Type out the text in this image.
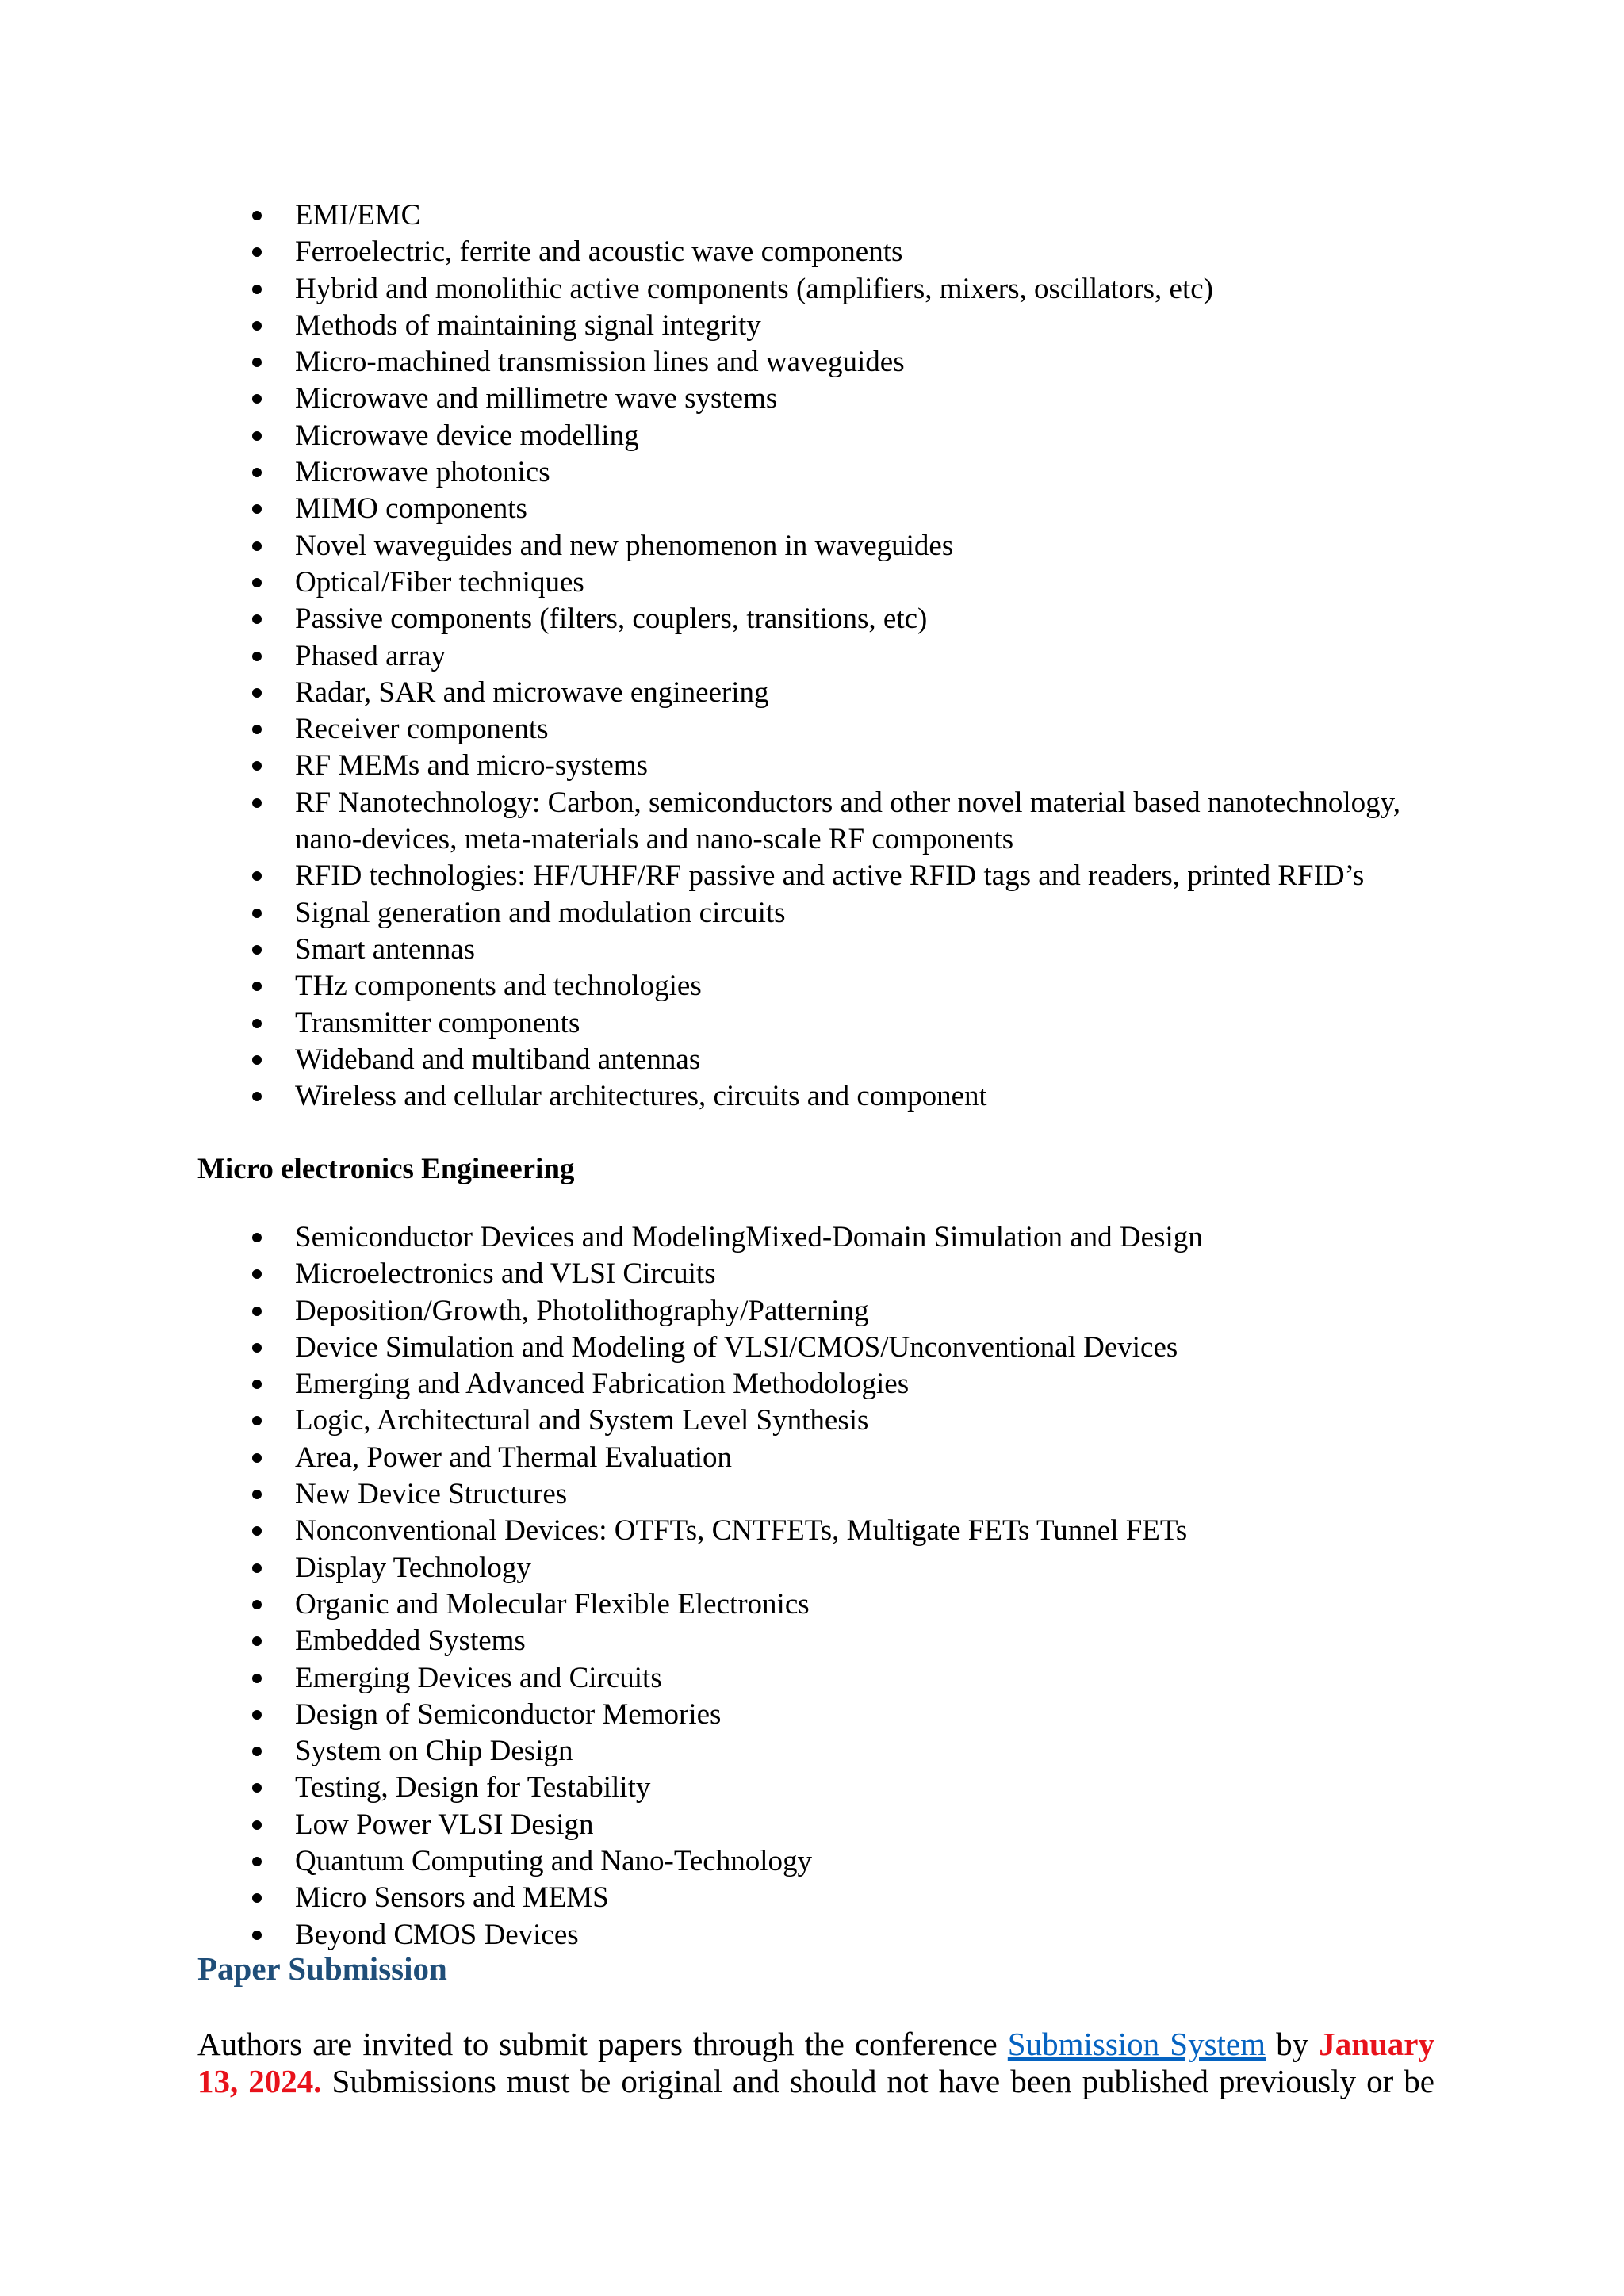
EMI/EMC
Ferroelectric, ferrite and acoustic wave components
Hybrid and monolithic active components (amplifiers, mixers, oscillators, etc)
Methods of maintaining signal integrity
Micro-machined transmission lines and waveguides
Microwave and millimetre wave systems
Microwave device modelling
Microwave photonics
MIMO components
Novel waveguides and new phenomenon in waveguides
Optical/Fiber techniques
Passive components (filters, couplers, transitions, etc)
Phased array
Radar, SAR and microwave engineering
Receiver components
RF MEMs and micro-systems
RF Nanotechnology: Carbon, semiconductors and other novel material based nanotechnology, nano-devices, meta-materials and nano-scale RF components
RFID technologies: HF/UHF/RF passive and active RFID tags and readers, printed RFID’s
Signal generation and modulation circuits
Smart antennas
THz components and technologies
Transmitter components
Wideband and multiband antennas
Wireless and cellular architectures, circuits and component
Micro electronics Engineering
Semiconductor Devices and ModelingMixed-Domain Simulation and Design
Microelectronics and VLSI Circuits
Deposition/Growth, Photolithography/Patterning
Device Simulation and Modeling of VLSI/CMOS/Unconventional Devices
Emerging and Advanced Fabrication Methodologies
Logic, Architectural and System Level Synthesis
Area, Power and Thermal Evaluation
New Device Structures
Nonconventional Devices: OTFTs, CNTFETs, Multigate FETs Tunnel FETs
Display Technology
Organic and Molecular Flexible Electronics
Embedded Systems
Emerging Devices and Circuits
Design of Semiconductor Memories
System on Chip Design
Testing, Design for Testability
Low Power VLSI Design
Quantum Computing and Nano-Technology
Micro Sensors and MEMS
Beyond CMOS Devices
Paper Submission

Authors are invited to submit papers through the conference Submission System by January 13, 2024. Submissions must be original and should not have been published previously or be
